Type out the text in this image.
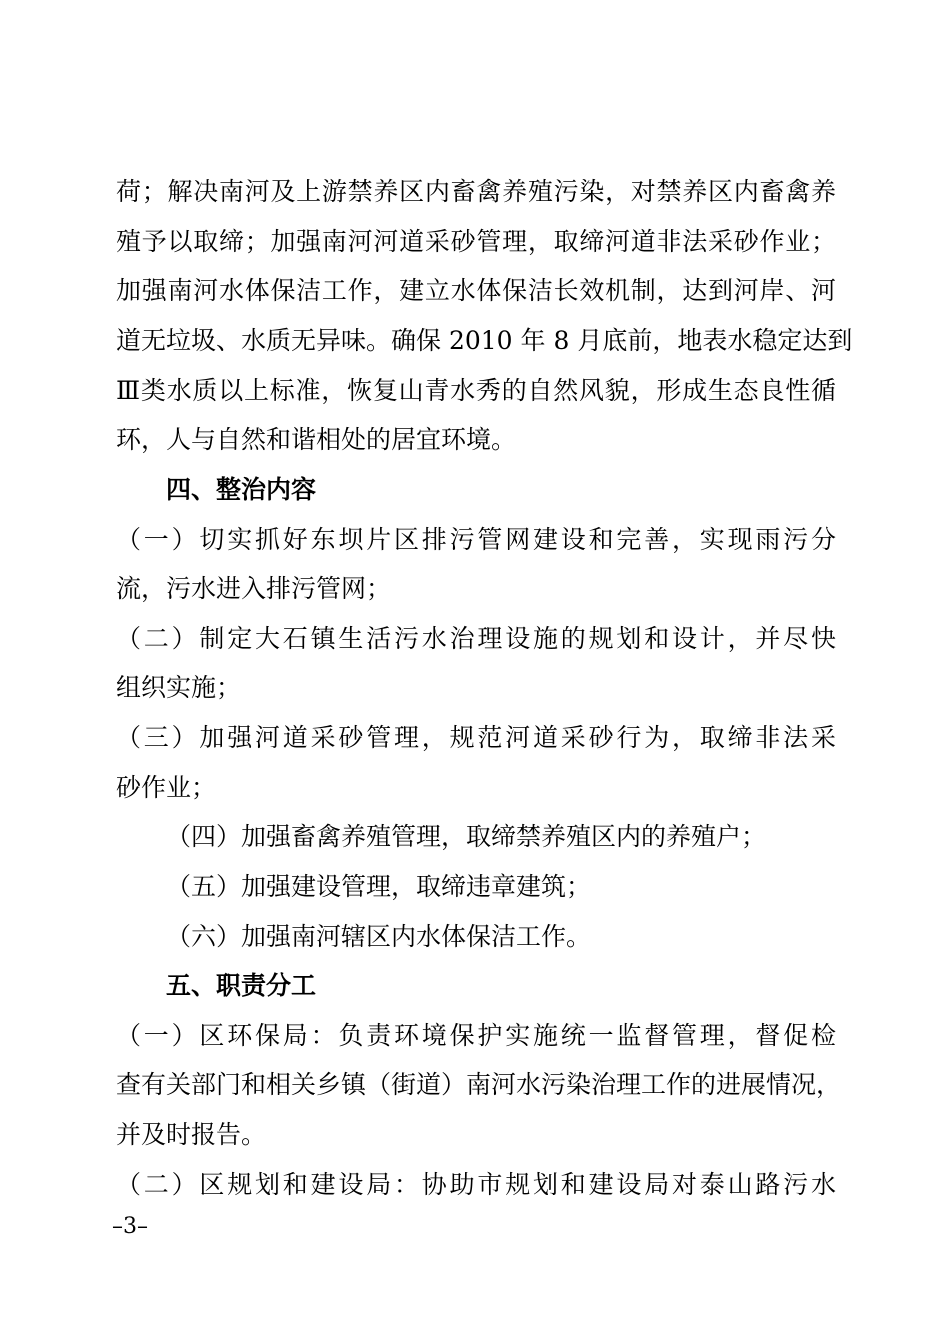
荷；解决南河及上游禁养区内畜禽养殖污染，对禁养区内畜禽养
殖予以取缔；加强南河河道采砂管理，取缔河道非法采砂作业；
加强南河水体保洁工作，建立水体保洁长效机制，达到河岸、河
道无垃圾、水质无异味。确保 2010 年 8 月底前，地表水稳定达到
Ⅲ类水质以上标准，恢复山青水秀的自然风貌，形成生态良性循
环，人与自然和谐相处的居宜环境。
四、整治内容
（一）切实抓好东坝片区排污管网建设和完善，实现雨污分
流，污水进入排污管网；
（二）制定大石镇生活污水治理设施的规划和设计，并尽快
组织实施；
（三）加强河道采砂管理，规范河道采砂行为，取缔非法采
砂作业；
（四）加强畜禽养殖管理，取缔禁养殖区内的养殖户；
（五）加强建设管理，取缔违章建筑；
（六）加强南河辖区内水体保洁工作。
五、职责分工
（一）区环保局：负责环境保护实施统一监督管理，督促检
查有关部门和相关乡镇（街道）南河水污染治理工作的进展情况，
并及时报告。
（二）区规划和建设局：协助市规划和建设局对泰山路污水
–3–
